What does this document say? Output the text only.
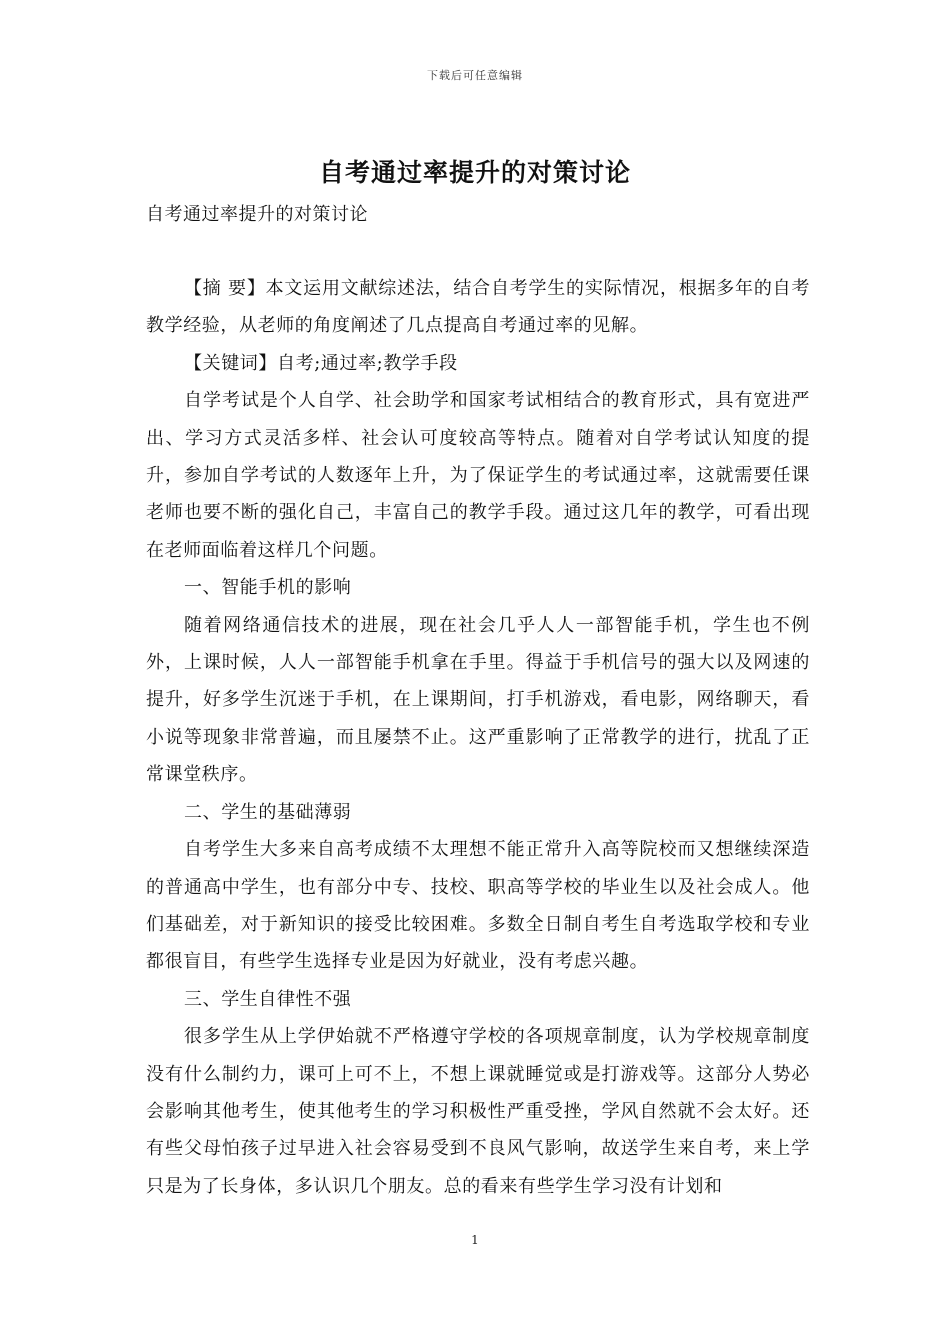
下载后可任意编辑
自考通过率提升的对策讨论
自考通过率提升的对策讨论

【摘 要】本文运用文献综述法，结合自考学生的实际情况，根据多年的自考教学经验，从老师的角度阐述了几点提高自考通过率的见解。

【关键词】自考;通过率;教学手段

自学考试是个人自学、社会助学和国家考试相结合的教育形式，具有宽进严出、学习方式灵活多样、社会认可度较高等特点。随着对自学考试认知度的提升，参加自学考试的人数逐年上升，为了保证学生的考试通过率，这就需要任课老师也要不断的强化自己，丰富自己的教学手段。通过这几年的教学，可看出现在老师面临着这样几个问题。

一、智能手机的影响

随着网络通信技术的进展，现在社会几乎人人一部智能手机，学生也不例外，上课时候，人人一部智能手机拿在手里。得益于手机信号的强大以及网速的提升，好多学生沉迷于手机，在上课期间，打手机游戏，看电影，网络聊天，看小说等现象非常普遍，而且屡禁不止。这严重影响了正常教学的进行，扰乱了正常课堂秩序。

二、学生的基础薄弱

自考学生大多来自高考成绩不太理想不能正常升入高等院校而又想继续深造的普通高中学生，也有部分中专、技校、职高等学校的毕业生以及社会成人。他们基础差，对于新知识的接受比较困难。多数全日制自考生自考选取学校和专业都很盲目，有些学生选择专业是因为好就业，没有考虑兴趣。

三、学生自律性不强

很多学生从上学伊始就不严格遵守学校的各项规章制度，认为学校规章制度没有什么制约力，课可上可不上，不想上课就睡觉或是打游戏等。这部分人势必会影响其他考生，使其他考生的学习积极性严重受挫，学风自然就不会太好。还有些父母怕孩子过早进入社会容易受到不良风气影响，故送学生来自考，来上学只是为了长身体，多认识几个朋友。总的看来有些学生学习没有计划和

1
